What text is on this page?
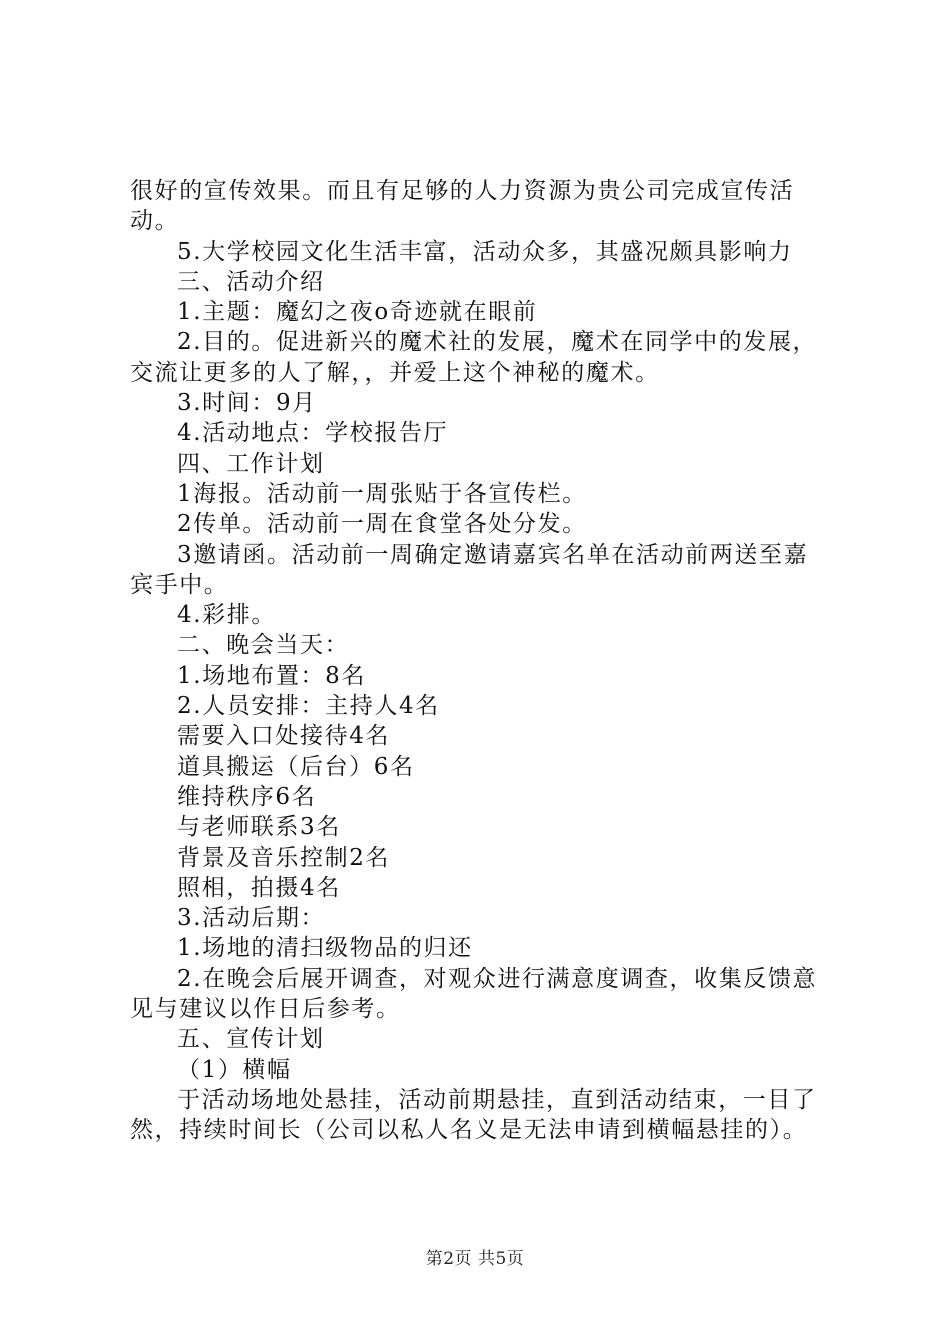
很好的宣传效果。而且有足够的人力资源为贵公司完成宣传活动。

5.大学校园文化生活丰富，活动众多，其盛况颇具影响力

三、活动介绍

1.主题：魔幻之夜o奇迹就在眼前

2.目的。促进新兴的魔术社的发展，魔术在同学中的发展，交流让更多的人了解，，并爱上这个神秘的魔术。

3.时间：9月

4.活动地点：学校报告厅

四、工作计划

1海报。活动前一周张贴于各宣传栏。

2传单。活动前一周在食堂各处分发。

3邀请函。活动前一周确定邀请嘉宾名单在活动前两送至嘉宾手中。

4.彩排。

二、晚会当天：

1.场地布置：8名

2.人员安排：主持人4名

需要入口处接待4名

道具搬运（后台）6名

维持秩序6名

与老师联系3名

背景及音乐控制2名

照相，拍摄4名

3.活动后期：

1.场地的清扫级物品的归还

2.在晚会后展开调查，对观众进行满意度调查，收集反馈意见与建议以作日后参考。

五、宣传计划

（1）横幅

于活动场地处悬挂，活动前期悬挂，直到活动结束，一目了然，持续时间长（公司以私人名义是无法申请到横幅悬挂的）。

第2页 共5页
